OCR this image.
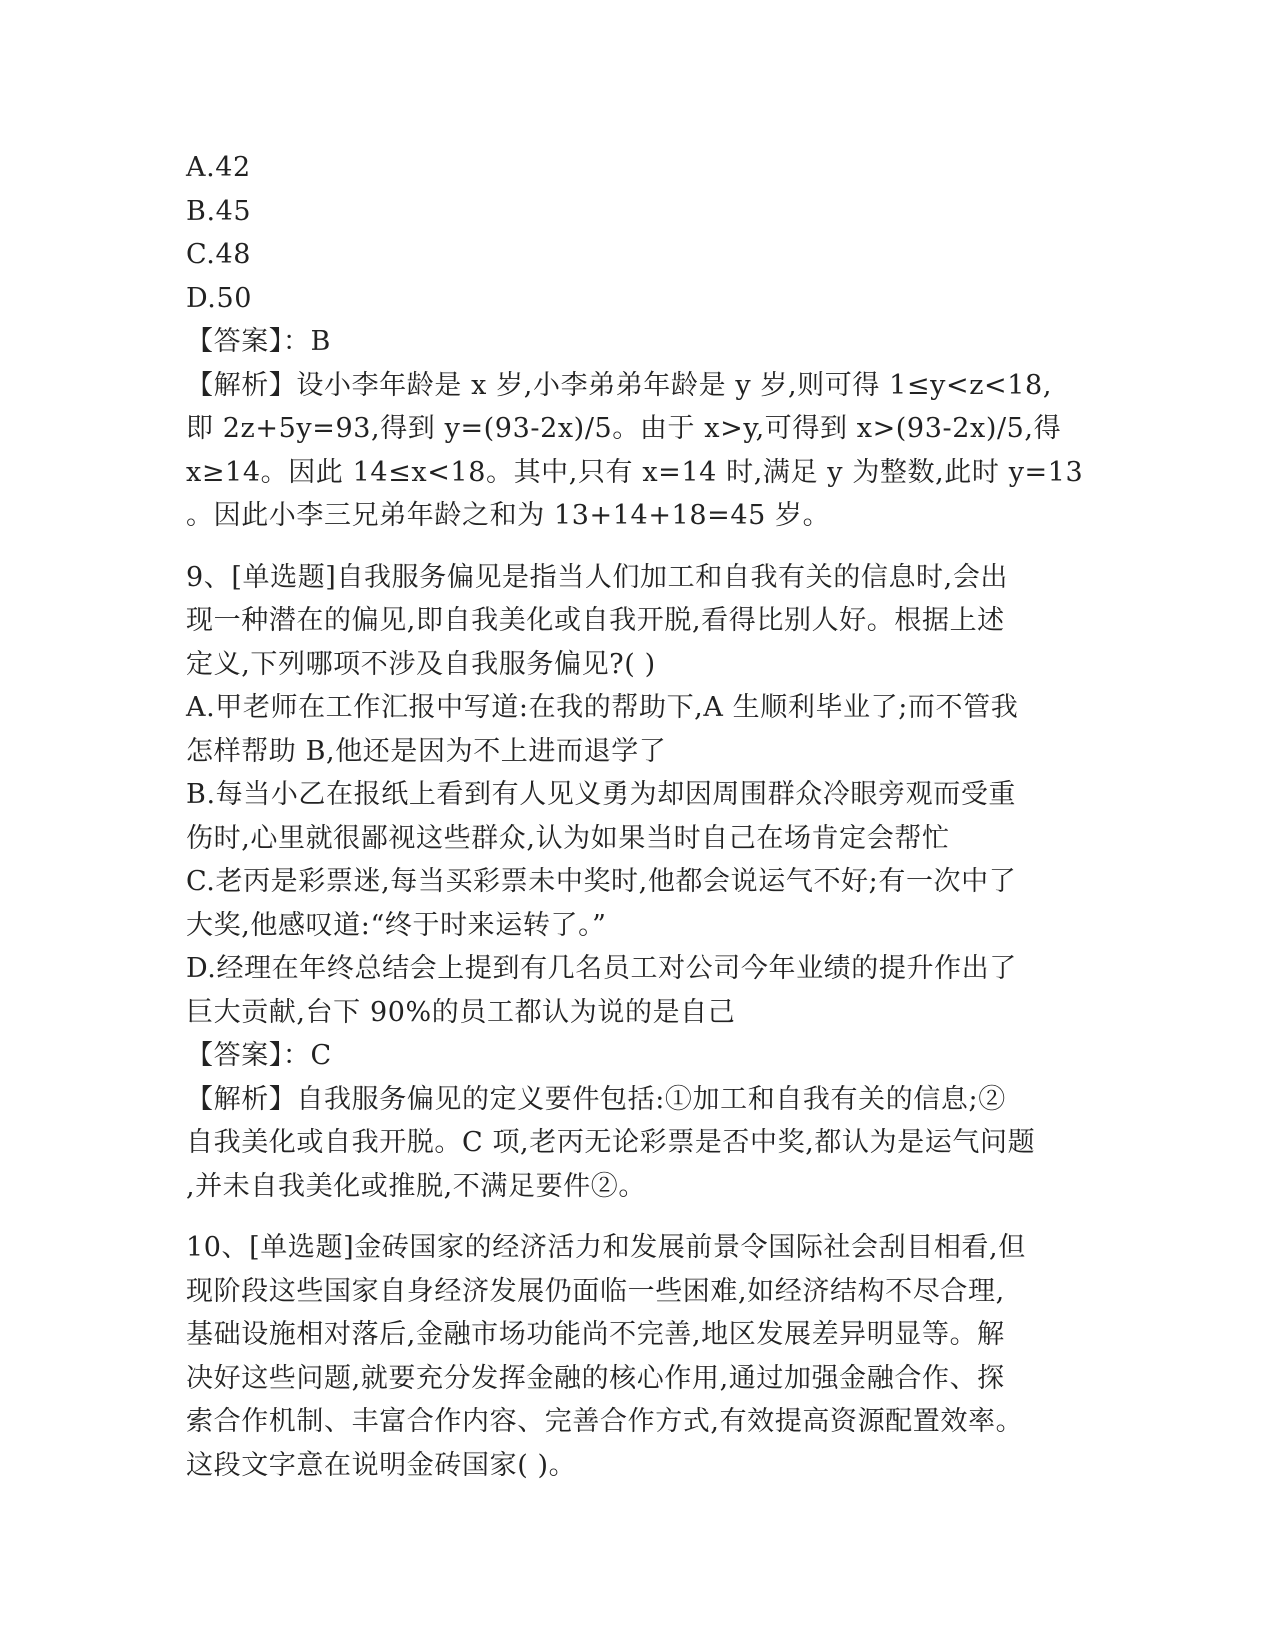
A.42
B.45
C.48
D.50
【答案】：B
【解析】设小李年龄是 x 岁,小李弟弟年龄是 y 岁,则可得 1≤y<z<18,
即 2z+5y=93,得到 y=(93-2x)/5。由于 x>y,可得到 x>(93-2x)/5,得
x≥14。因此 14≤x<18。其中,只有 x=14 时,满足 y 为整数,此时 y=13
。因此小李三兄弟年龄之和为 13+14+18=45 岁。
9、[单选题]自我服务偏见是指当人们加工和自我有关的信息时,会出
现一种潜在的偏见,即自我美化或自我开脱,看得比别人好。根据上述
定义,下列哪项不涉及自我服务偏见?( )
A.甲老师在工作汇报中写道:在我的帮助下,A 生顺利毕业了;而不管我
怎样帮助 B,他还是因为不上进而退学了
B.每当小乙在报纸上看到有人见义勇为却因周围群众冷眼旁观而受重
伤时,心里就很鄙视这些群众,认为如果当时自己在场肯定会帮忙
C.老丙是彩票迷,每当买彩票未中奖时,他都会说运气不好;有一次中了
大奖,他感叹道:“终于时来运转了。”
D.经理在年终总结会上提到有几名员工对公司今年业绩的提升作出了
巨大贡献,台下 90%的员工都认为说的是自己
【答案】：C
【解析】自我服务偏见的定义要件包括:①加工和自我有关的信息;②
自我美化或自我开脱。C 项,老丙无论彩票是否中奖,都认为是运气问题
,并未自我美化或推脱,不满足要件②。
10、[单选题]金砖国家的经济活力和发展前景令国际社会刮目相看,但
现阶段这些国家自身经济发展仍面临一些困难,如经济结构不尽合理,
基础设施相对落后,金融市场功能尚不完善,地区发展差异明显等。解
决好这些问题,就要充分发挥金融的核心作用,通过加强金融合作、探
索合作机制、丰富合作内容、完善合作方式,有效提高资源配置效率。
这段文字意在说明金砖国家( )。
